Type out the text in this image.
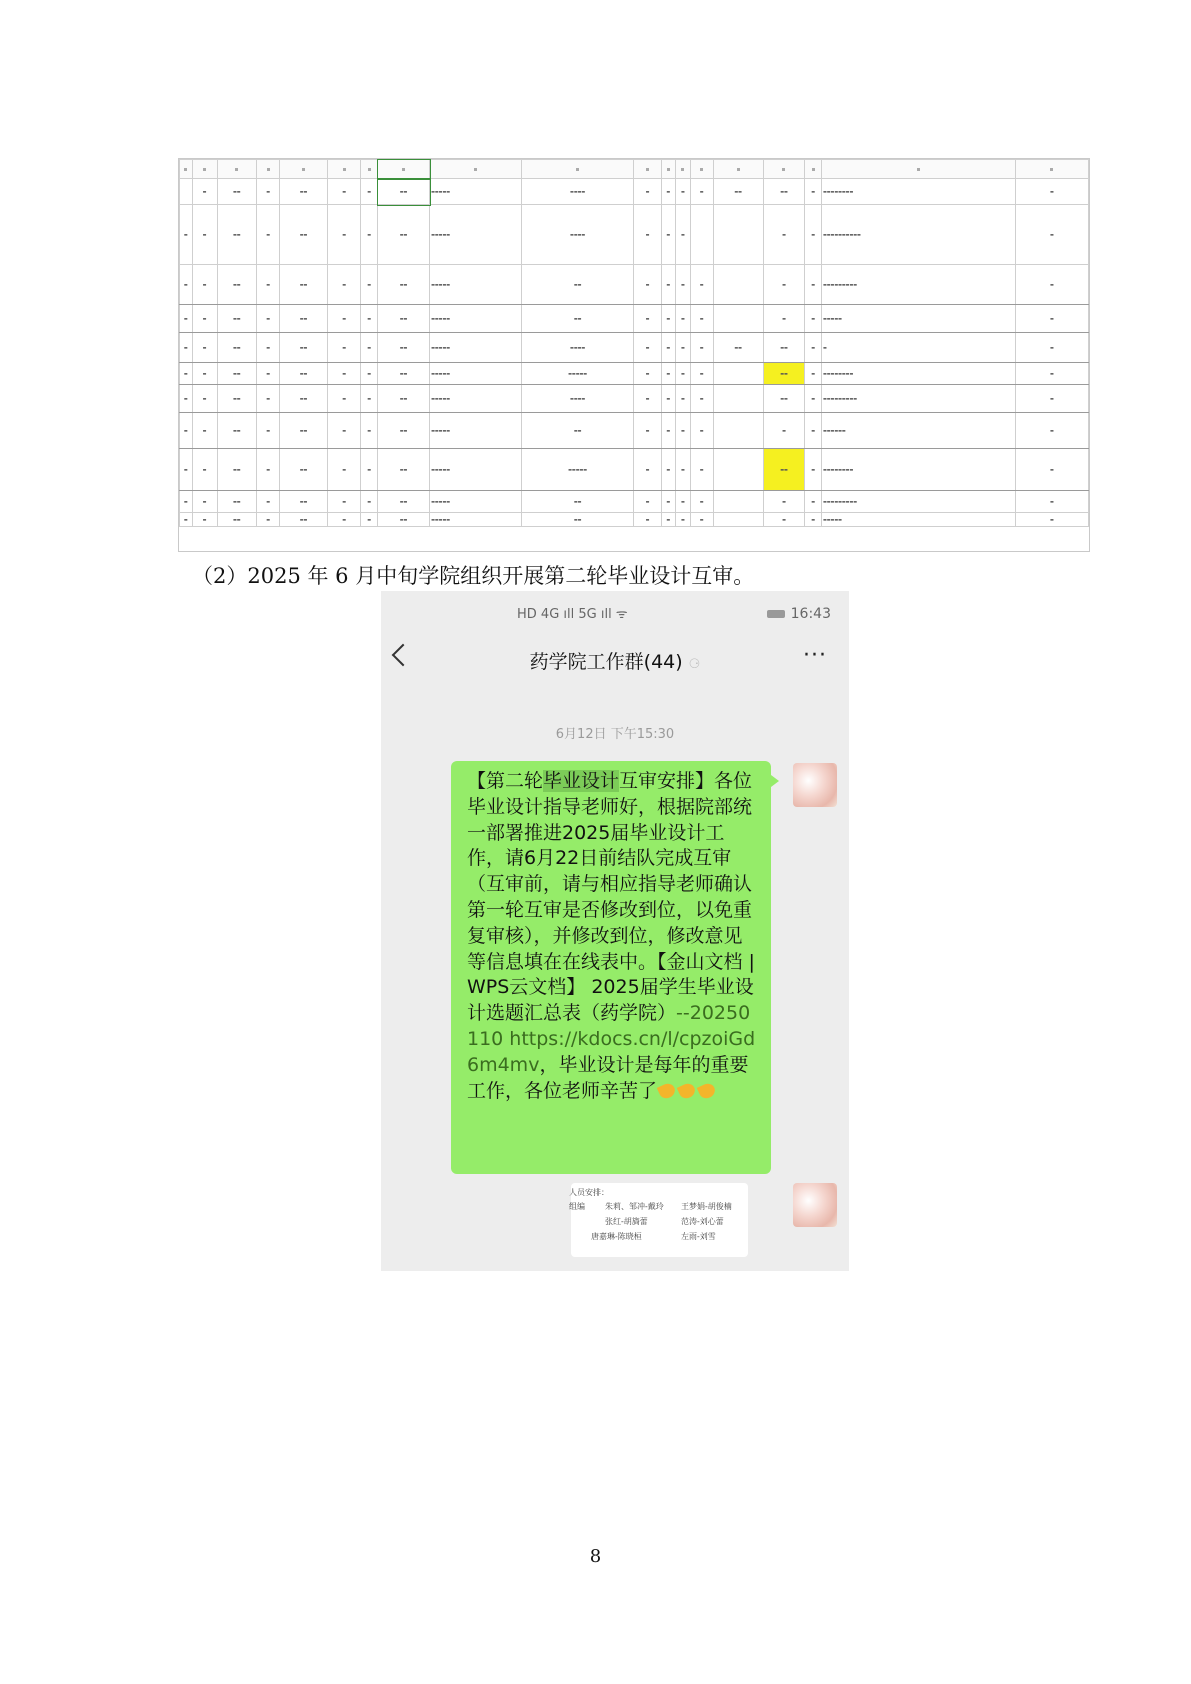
	▬	▬▬	▬	▬▬	▬	▬	▬▬	▬▬▬▬▬	▬▬▬▬	▬	▬	▬	▬	▬▬	▬▬	▬	▬▬▬▬▬▬▬▬	▬
▬	▬	▬▬	▬	▬▬	▬	▬	▬▬	▬▬▬▬▬	▬▬▬▬	▬	▬	▬			▬	▬	▬▬▬▬▬▬▬▬▬▬	▬
▬	▬	▬▬	▬	▬▬	▬	▬	▬▬	▬▬▬▬▬	▬▬	▬	▬	▬	▬		▬	▬	▬▬▬▬▬▬▬▬▬	▬
▬	▬	▬▬	▬	▬▬	▬	▬	▬▬	▬▬▬▬▬	▬▬	▬	▬	▬	▬		▬	▬	▬▬▬▬▬	▬
▬	▬	▬▬	▬	▬▬	▬	▬	▬▬	▬▬▬▬▬	▬▬▬▬	▬	▬	▬	▬	▬▬	▬▬	▬	▬	▬
▬	▬	▬▬	▬	▬▬	▬	▬	▬▬	▬▬▬▬▬	▬▬▬▬▬	▬	▬	▬	▬		▬▬	▬	▬▬▬▬▬▬▬▬	▬
▬	▬	▬▬	▬	▬▬	▬	▬	▬▬	▬▬▬▬▬	▬▬▬▬	▬	▬	▬	▬		▬▬	▬	▬▬▬▬▬▬▬▬▬	▬
▬	▬	▬▬	▬	▬▬	▬	▬	▬▬	▬▬▬▬▬	▬▬	▬	▬	▬	▬		▬	▬	▬▬▬▬▬▬	▬
▬	▬	▬▬	▬	▬▬	▬	▬	▬▬	▬▬▬▬▬	▬▬▬▬▬	▬	▬	▬	▬		▬▬	▬	▬▬▬▬▬▬▬▬	▬
▬	▬	▬▬	▬	▬▬	▬	▬	▬▬	▬▬▬▬▬	▬▬	▬	▬	▬	▬		▬	▬	▬▬▬▬▬▬▬▬▬	▬
▬	▬	▬▬	▬	▬▬	▬	▬	▬▬	▬▬▬▬▬	▬▬	▬	▬	▬	▬		▬	▬	▬▬▬▬▬	▬
（2）2025 年 6 月中旬学院组织开展第二轮毕业设计互审。
HD 4G ıll 5G ıll ᯤ	16:43
药学院工作群(44) ⚆	···
6月12日 下午15:30
【第二轮毕业设计互审安排】各位毕业设计指导老师好，根据院部统一部署推进2025届毕业设计工作，请6月22日前结队完成互审（互审前，请与相应指导老师确认第一轮互审是否修改到位，以免重复审核），并修改到位，修改意见等信息填在在线表中。【金山文档 | WPS云文档】 2025届学生毕业设计选题汇总表（药学院）--20250110 https://kdocs.cn/l/cpzoiGd6m4mv，毕业设计是每年的重要工作，各位老师辛苦了
人员安排：
组编	朱莉、邹冲-戴玲 王梦娟-胡俊楠
张红-胡旖蕾	范涛-刘心蕾
唐嘉琳-陈晓桓	左雨-刘雪
8
